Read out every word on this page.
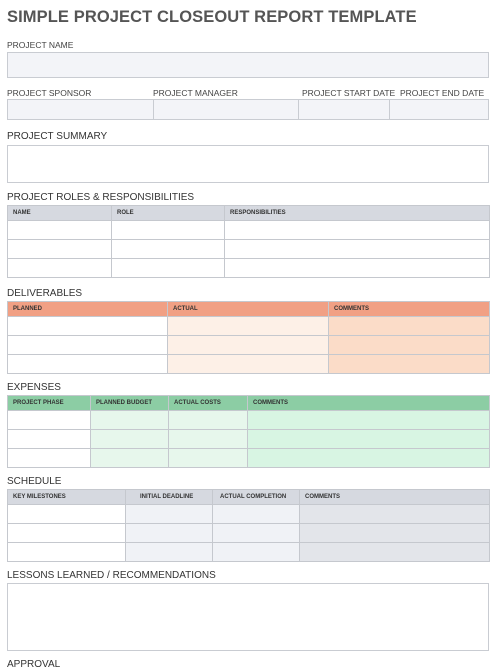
SIMPLE PROJECT CLOSEOUT REPORT TEMPLATE
PROJECT NAME
PROJECT SPONSOR	PROJECT MANAGER	PROJECT START DATE PROJECT END DATE
PROJECT SUMMARY
PROJECT ROLES & RESPONSIBILITIES
NAME	ROLE	RESPONSIBILITIES

DELIVERABLES
PLANNED	ACTUAL	COMMENTS

EXPENSES
PROJECT PHASE	PLANNED BUDGET	ACTUAL COSTS	COMMENTS

SCHEDULE
KEY MILESTONES	INITIAL DEADLINE	ACTUAL COMPLETION	COMMENTS

LESSONS LEARNED / RECOMMENDATIONS
APPROVAL
